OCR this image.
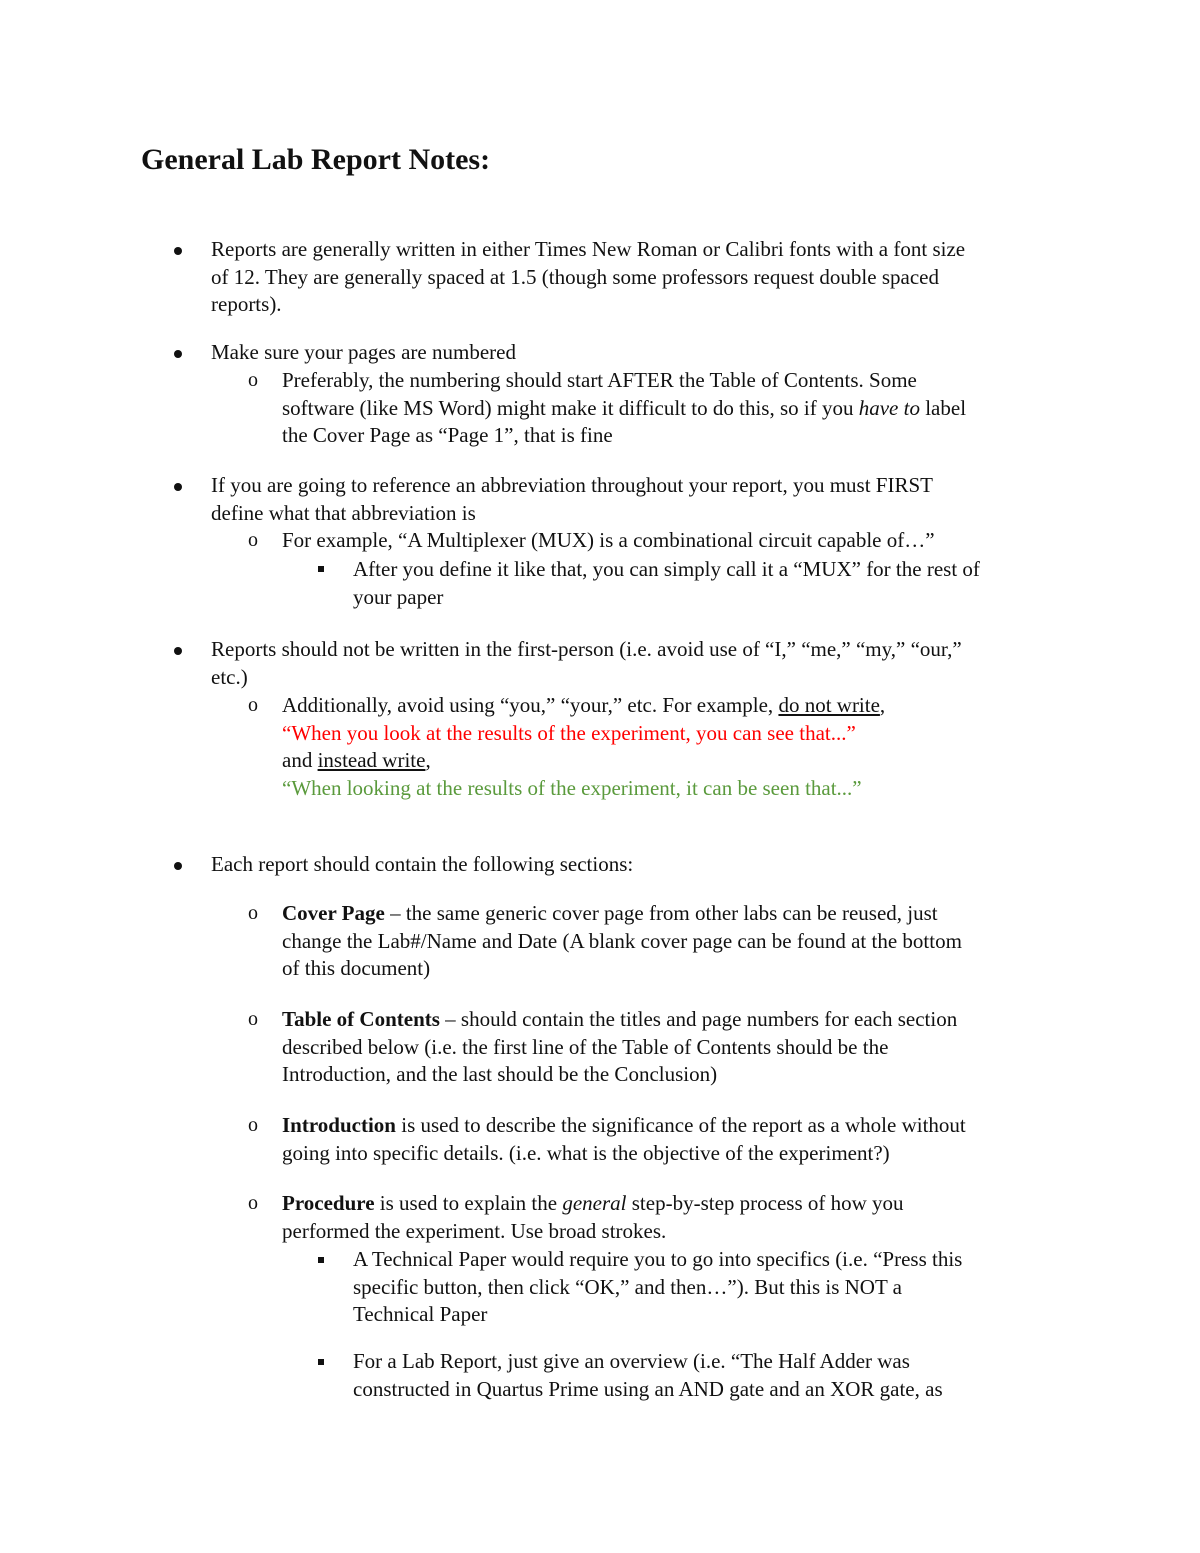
General Lab Report Notes:
Reports are generally written in either Times New Roman or Calibri fonts with a font size
of 12. They are generally spaced at 1.5 (though some professors request double spaced
reports).
Make sure your pages are numbered
o Preferably, the numbering should start AFTER the Table of Contents. Some
software (like MS Word) might make it difficult to do this, so if you have to label
the Cover Page as “Page 1”, that is fine
If you are going to reference an abbreviation throughout your report, you must FIRST
define what that abbreviation is
o For example, “A Multiplexer (MUX) is a combinational circuit capable of…”
After you define it like that, you can simply call it a “MUX” for the rest of
your paper
Reports should not be written in the first-person (i.e. avoid use of “I,” “me,” “my,” “our,”
etc.)
o Additionally, avoid using “you,” “your,” etc. For example, do not write,
“When you look at the results of the experiment, you can see that...”
and instead write,
“When looking at the results of the experiment, it can be seen that...”
Each report should contain the following sections:
o Cover Page – the same generic cover page from other labs can be reused, just
change the Lab#/Name and Date (A blank cover page can be found at the bottom
of this document)
o Table of Contents – should contain the titles and page numbers for each section
described below (i.e. the first line of the Table of Contents should be the
Introduction, and the last should be the Conclusion)
o Introduction is used to describe the significance of the report as a whole without
going into specific details. (i.e. what is the objective of the experiment?)
o Procedure is used to explain the general step-by-step process of how you
performed the experiment. Use broad strokes.
A Technical Paper would require you to go into specifics (i.e. “Press this
specific button, then click “OK,” and then…”). But this is NOT a
Technical Paper
For a Lab Report, just give an overview (i.e. “The Half Adder was
constructed in Quartus Prime using an AND gate and an XOR gate, as
